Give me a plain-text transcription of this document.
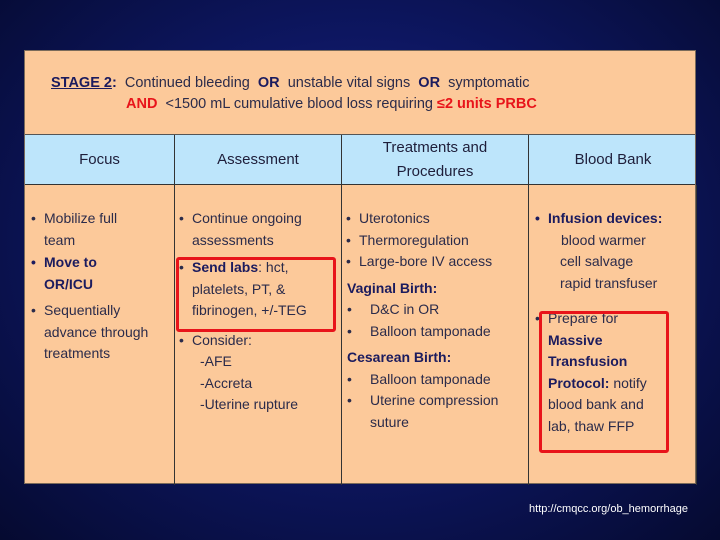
STAGE 2: Continued bleeding OR unstable vital signs OR symptomatic
AND <1500 mL cumulative blood loss requiring ≤2 units PRBC
Focus	Assessment
Treatments and Procedures
Blood Bank
• Mobilize full team
• Move to OR/ICU
• Sequentially advance through treatments
• Continue ongoing assessments
• Send labs: hct, platelets, PT, & fibrinogen, +/-TEG
• Consider:
-AFE
-Accreta
-Uterine rupture
• Uterotonics
• Thermoregulation
• Large-bore IV access
Vaginal Birth:
• D&C in OR
• Balloon tamponade
Cesarean Birth:
• Balloon tamponade
• Uterine compression suture
• Infusion devices:
blood warmer
cell salvage
rapid transfuser
• Prepare for
Massive
Transfusion
Protocol: notify blood bank and lab, thaw FFP
http://cmqcc.org/ob_hemorrhage
